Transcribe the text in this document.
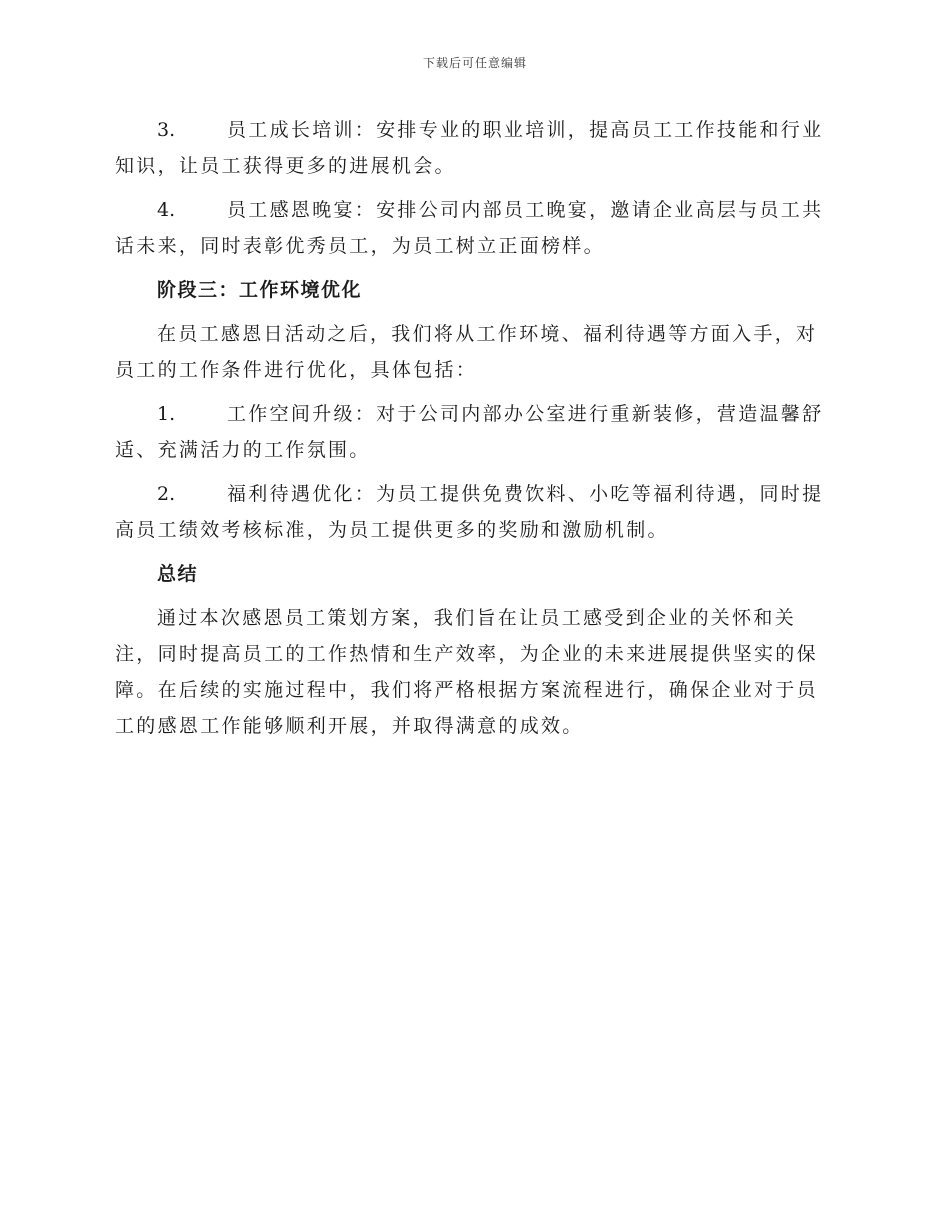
下载后可任意编辑
3.	员工成长培训：安排专业的职业培训，提高员工工作技能和行业知识，让员工获得更多的进展机会。
4.	员工感恩晚宴：安排公司内部员工晚宴，邀请企业高层与员工共话未来，同时表彰优秀员工，为员工树立正面榜样。
阶段三：工作环境优化
在员工感恩日活动之后，我们将从工作环境、福利待遇等方面入手，对员工的工作条件进行优化，具体包括：
1.	工作空间升级：对于公司内部办公室进行重新装修，营造温馨舒适、充满活力的工作氛围。
2.	福利待遇优化：为员工提供免费饮料、小吃等福利待遇，同时提高员工绩效考核标准，为员工提供更多的奖励和激励机制。
总结
通过本次感恩员工策划方案，我们旨在让员工感受到企业的关怀和关注，同时提高员工的工作热情和生产效率，为企业的未来进展提供坚实的保障。在后续的实施过程中，我们将严格根据方案流程进行，确保企业对于员工的感恩工作能够顺利开展，并取得满意的成效。
